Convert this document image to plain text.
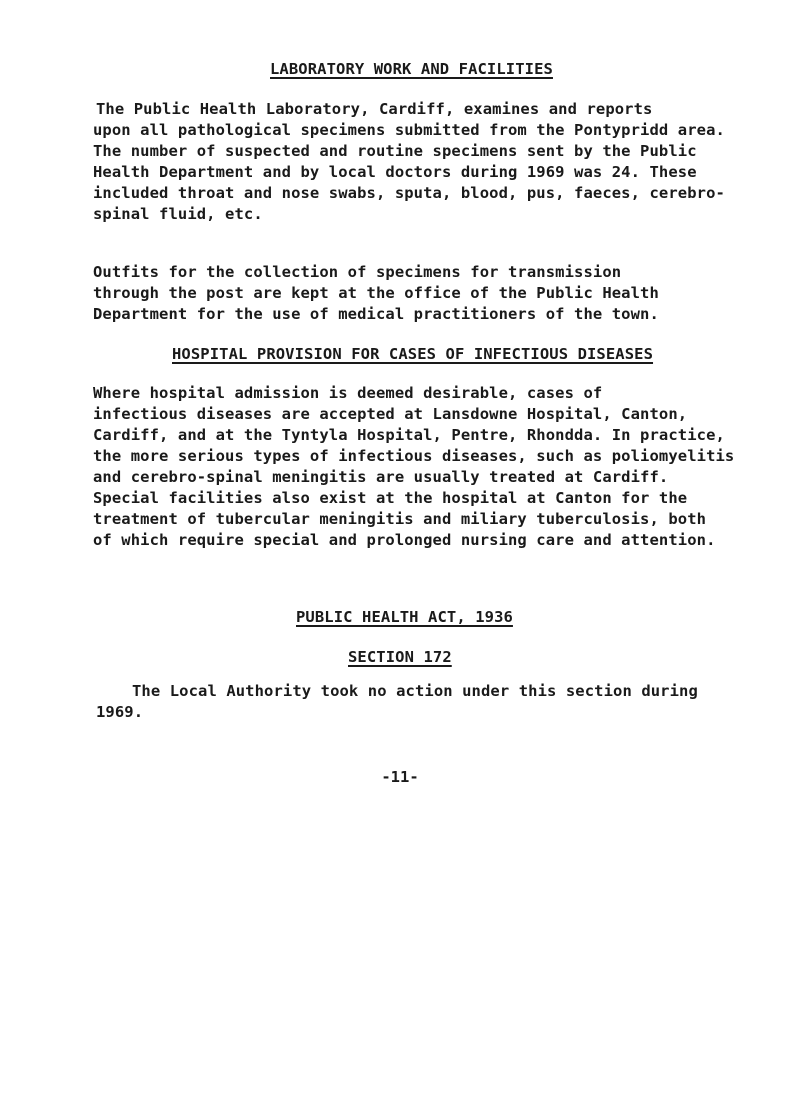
LABORATORY WORK AND FACILITIES
The Public Health Laboratory, Cardiff, examines and reports
upon all pathological specimens submitted from the Pontypridd area.
The number of suspected and routine specimens sent by the Public
Health Department and by local doctors during 1969 was 24. These
included throat and nose swabs, sputa, blood, pus, faeces, cerebro-
spinal fluid, etc.
Outfits for the collection of specimens for transmission
through the post are kept at the office of the Public Health
Department for the use of medical practitioners of the town.
HOSPITAL PROVISION FOR CASES OF INFECTIOUS DISEASES
Where hospital admission is deemed desirable, cases of
infectious diseases are accepted at Lansdowne Hospital, Canton,
Cardiff, and at the Tyntyla Hospital, Pentre, Rhondda. In practice,
the more serious types of infectious diseases, such as poliomyelitis
and cerebro-spinal meningitis are usually treated at Cardiff.
Special facilities also exist at the hospital at Canton for the
treatment of tubercular meningitis and miliary tuberculosis, both
of which require special and prolonged nursing care and attention.
PUBLIC HEALTH ACT, 1936
SECTION 172
The Local Authority took no action under this section during
1969.
-11-
